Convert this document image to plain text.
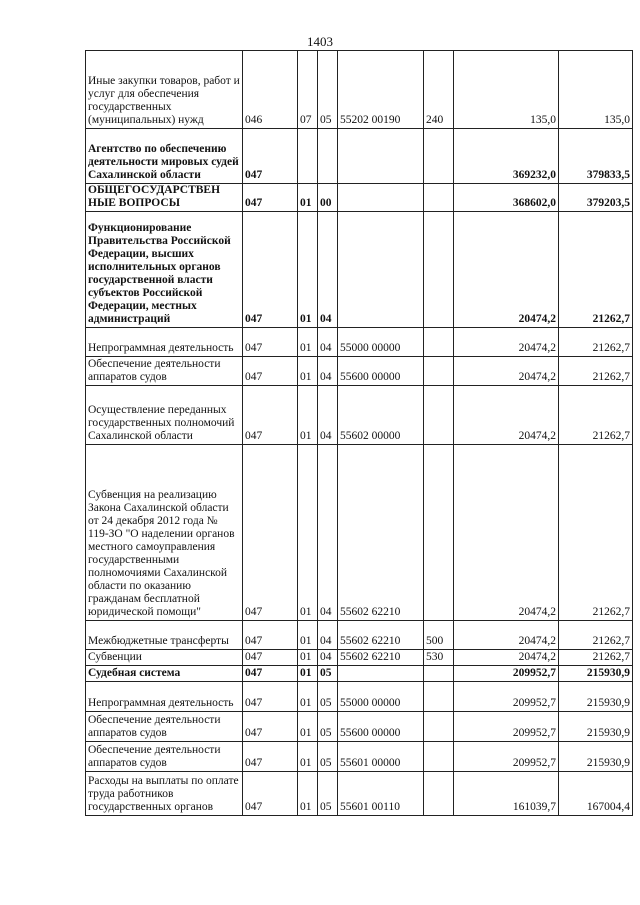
1403
Иные закупки товаров, работ и услуг для обеспечения государственных (муниципальных) нужд	046	07	05	55202 00190	240	135,0	135,0
Агентство по обеспечению деятельности мировых судей Сахалинской области	047					369232,0	379833,5
ОБЩЕГОСУДАРСТВЕН НЫЕ ВОПРОСЫ	047	01	00			368602,0	379203,5
Функционирование Правительства Российской Федерации, высших исполнительных органов государственной власти субъектов Российской Федерации, местных администраций	047	01	04			20474,2	21262,7
Непрограммная деятельность	047	01	04	55000 00000		20474,2	21262,7
Обеспечение деятельности аппаратов судов	047	01	04	55600 00000		20474,2	21262,7
Осуществление переданных государственных полномочий Сахалинской области	047	01	04	55602 00000		20474,2	21262,7
Субвенция на реализацию Закона Сахалинской области от 24 декабря 2012 года № 119-ЗО "О наделении органов местного самоуправления государственными полномочиями Сахалинской области по оказанию гражданам бесплатной юридической помощи"	047	01	04	55602 62210		20474,2	21262,7
Межбюджетные трансферты	047	01	04	55602 62210	500	20474,2	21262,7
Субвенции	047	01	04	55602 62210	530	20474,2	21262,7
Судебная система	047	01	05			209952,7	215930,9
Непрограммная деятельность	047	01	05	55000 00000		209952,7	215930,9
Обеспечение деятельности аппаратов судов	047	01	05	55600 00000		209952,7	215930,9
Обеспечение деятельности аппаратов судов	047	01	05	55601 00000		209952,7	215930,9
Расходы на выплаты по оплате труда работников государственных органов	047	01	05	55601 00110		161039,7	167004,4
